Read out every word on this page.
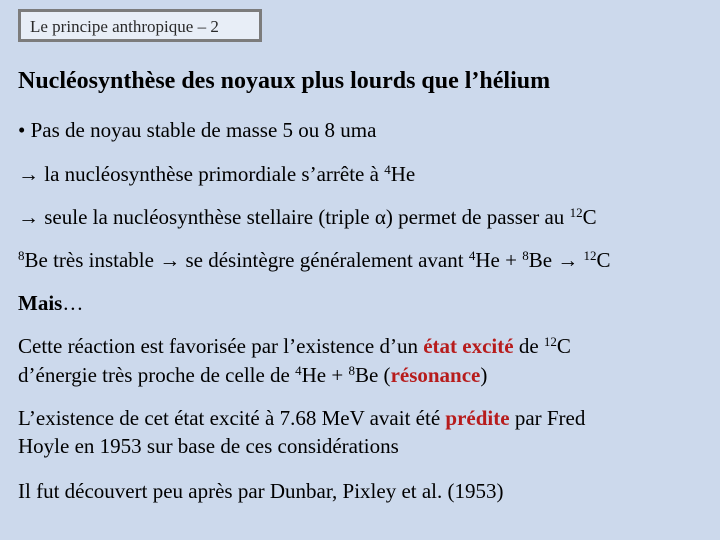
Le principe anthropique – 2
Nucléosynthèse des noyaux plus lourds que l’hélium
• Pas de noyau stable de masse 5 ou 8 uma
→ la nucléosynthèse primordiale s’arrête à $^4$He
→ seule la nucléosynthèse stellaire (triple α) permet de passer au $^{12}$C
$^8$Be très instable → se désintègre généralement avant $^4$He + $^8$Be → $^{12}$C
Mais…
Cette réaction est favorisée par l’existence d’un état excité de $^{12}$C
d’énergie très proche de celle de $^4$He + $^8$Be (résonance)
L’existence de cet état excité à 7.68 MeV avait été prédite par Fred
Hoyle en 1953 sur base de ces considérations
Il fut découvert peu après par Dunbar, Pixley et al. (1953)
